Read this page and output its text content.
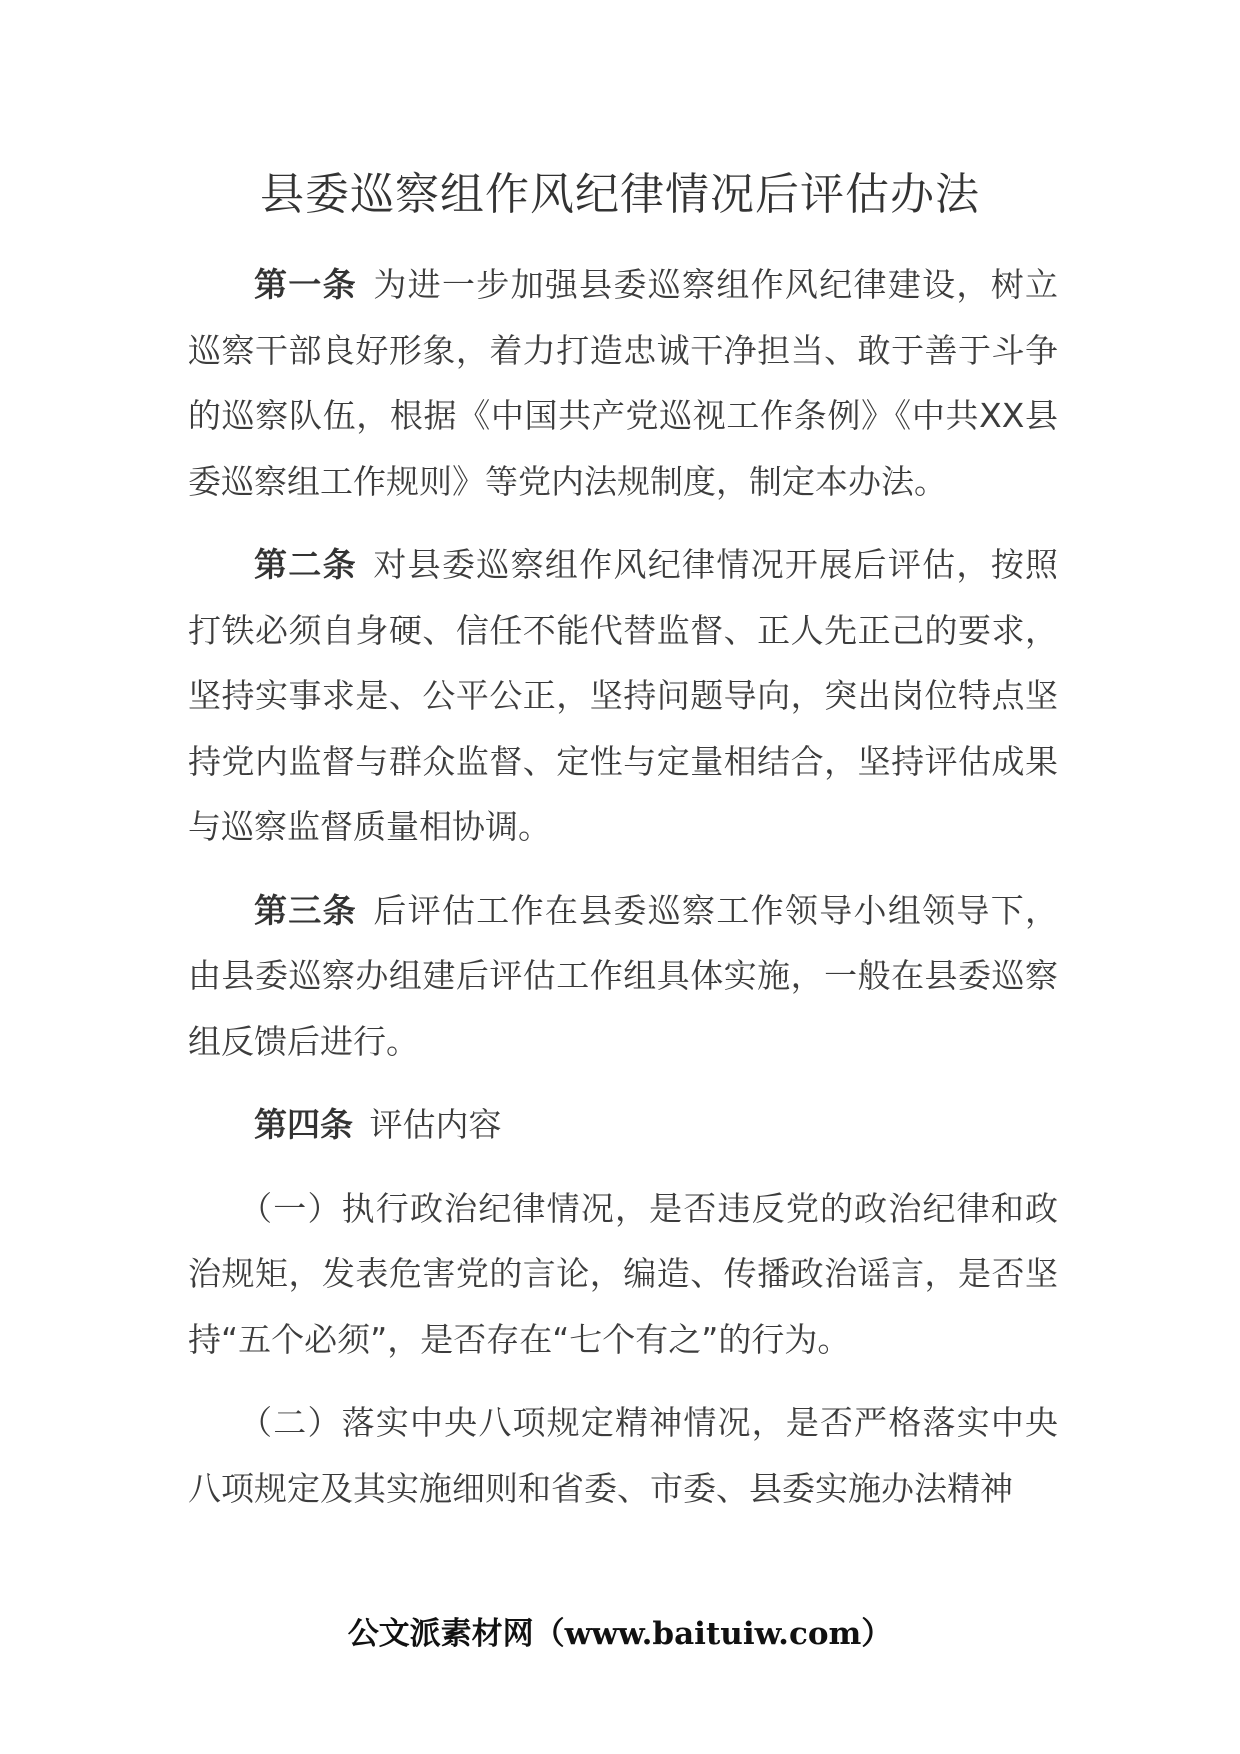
县委巡察组作风纪律情况后评估办法

第一条 为进一步加强县委巡察组作风纪律建设，树立巡察干部良好形象，着力打造忠诚干净担当、敢于善于斗争的巡察队伍，根据《中国共产党巡视工作条例》《中共XX县委巡察组工作规则》等党内法规制度，制定本办法。

第二条 对县委巡察组作风纪律情况开展后评估，按照打铁必须自身硬、信任不能代替监督、正人先正己的要求，坚持实事求是、公平公正，坚持问题导向，突出岗位特点坚持党内监督与群众监督、定性与定量相结合，坚持评估成果与巡察监督质量相协调。

第三条 后评估工作在县委巡察工作领导小组领导下，由县委巡察办组建后评估工作组具体实施，一般在县委巡察组反馈后进行。

第四条 评估内容

（一）执行政治纪律情况，是否违反党的政治纪律和政治规矩，发表危害党的言论，编造、传播政治谣言，是否坚持“五个必须”，是否存在“七个有之”的行为。

（二）落实中央八项规定精神情况，是否严格落实中央八项规定及其实施细则和省委、市委、县委实施办法精神

公文派素材网（www.baituiw.com）
